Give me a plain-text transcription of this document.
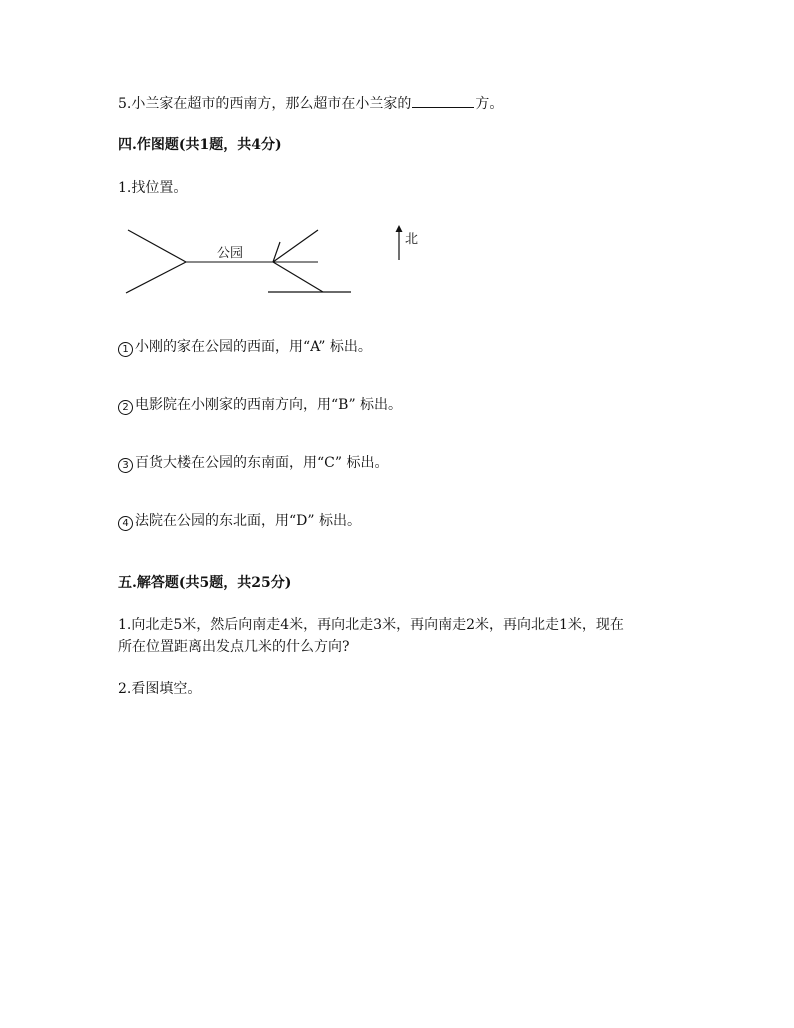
5.小兰家在超市的西南方，那么超市在小兰家的	方。
四.作图题(共1题，共4分)
1.找位置。
公园
北
1 小刚的家在公园的西面，用“A” 标出。
2 电影院在小刚家的西南方向，用“B” 标出。
3 百货大楼在公园的东南面，用“C” 标出。
4 法院在公园的东北面，用“D” 标出。
五.解答题(共5题，共25分)
1.向北走5米，然后向南走4米，再向北走3米，再向南走2米，再向北走1米，现在
所在位置距离出发点几米的什么方向?
2.看图填空。
